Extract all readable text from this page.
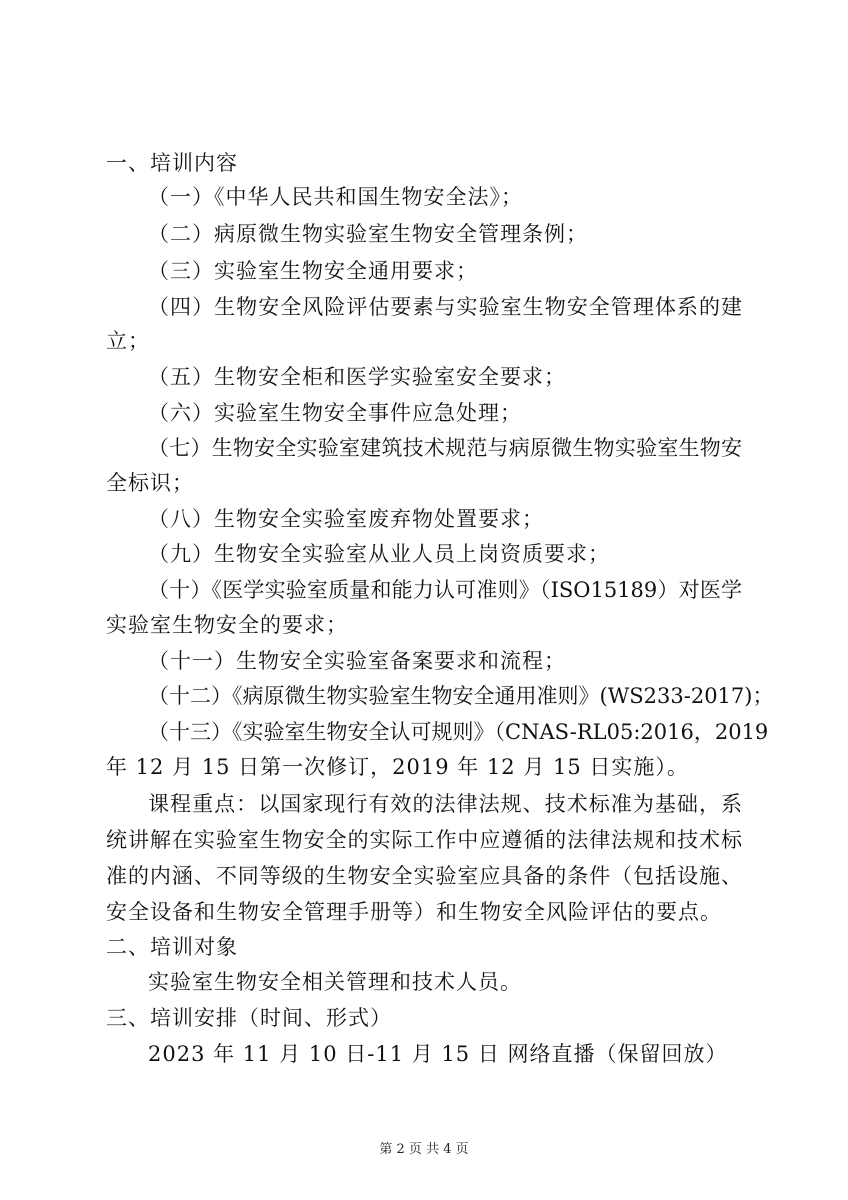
一、培训内容
（一）《中华人民共和国生物安全法》；
（二）病原微生物实验室生物安全管理条例；
（三）实验室生物安全通用要求；
（四）生物安全风险评估要素与实验室生物安全管理体系的建
立；
（五）生物安全柜和医学实验室安全要求；
（六）实验室生物安全事件应急处理；
（七）生物安全实验室建筑技术规范与病原微生物实验室生物安
全标识；
（八）生物安全实验室废弃物处置要求；
（九）生物安全实验室从业人员上岗资质要求；
（十）《医学实验室质量和能力认可准则》（ISO15189）对医学
实验室生物安全的要求；
（十一）生物安全实验室备案要求和流程；
（十二）《病原微生物实验室生物安全通用准则》(WS233-2017)；
（十三）《实验室生物安全认可规则》（CNAS-RL05:2016，2019
年 12 月 15 日第一次修订，2019 年 12 月 15 日实施）。
课程重点：以国家现行有效的法律法规、技术标准为基础，系
统讲解在实验室生物安全的实际工作中应遵循的法律法规和技术标
准的内涵、不同等级的生物安全实验室应具备的条件（包括设施、
安全设备和生物安全管理手册等）和生物安全风险评估的要点。
二、培训对象
实验室生物安全相关管理和技术人员。
三、培训安排（时间、形式）
2023 年 11 月 10 日-11 月 15 日 网络直播（保留回放）
第 2 页 共 4 页
